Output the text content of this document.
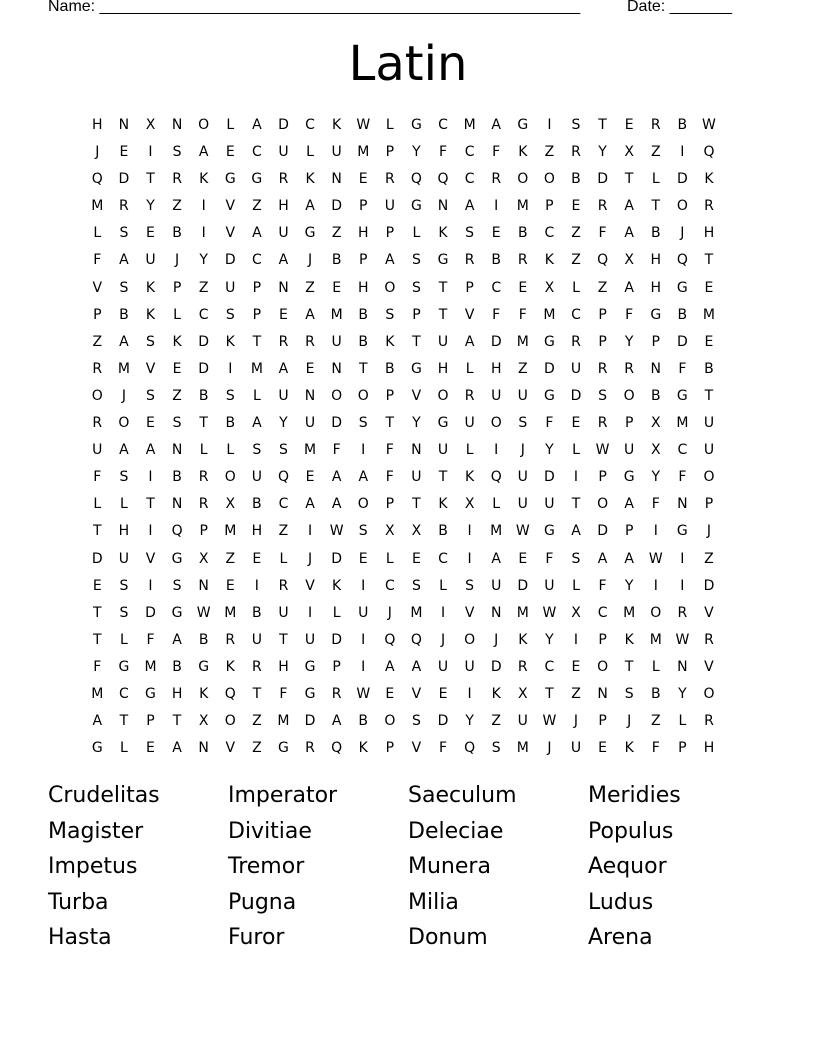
Name: ______________________________________________________	Date: _______
Latin
H	N	X	N	O	L	A	D	C	K	W	L	G	C	M	A	G	I	S	T	E	R	B	W
J	E	I	S	A	E	C	U	L	U	M	P	Y	F	C	F	K	Z	R	Y	X	Z	I	Q
Q	D	T	R	K	G	G	R	K	N	E	R	Q	Q	C	R	O	O	B	D	T	L	D	K
M	R	Y	Z	I	V	Z	H	A	D	P	U	G	N	A	I	M	P	E	R	A	T	O	R
L	S	E	B	I	V	A	U	G	Z	H	P	L	K	S	E	B	C	Z	F	A	B	J	H
F	A	U	J	Y	D	C	A	J	B	P	A	S	G	R	B	R	K	Z	Q	X	H	Q	T
V	S	K	P	Z	U	P	N	Z	E	H	O	S	T	P	C	E	X	L	Z	A	H	G	E
P	B	K	L	C	S	P	E	A	M	B	S	P	T	V	F	F	M	C	P	F	G	B	M
Z	A	S	K	D	K	T	R	R	U	B	K	T	U	A	D	M	G	R	P	Y	P	D	E
R	M	V	E	D	I	M	A	E	N	T	B	G	H	L	H	Z	D	U	R	R	N	F	B
O	J	S	Z	B	S	L	U	N	O	O	P	V	O	R	U	U	G	D	S	O	B	G	T
R	O	E	S	T	B	A	Y	U	D	S	T	Y	G	U	O	S	F	E	R	P	X	M	U
U	A	A	N	L	L	S	S	M	F	I	F	N	U	L	I	J	Y	L	W	U	X	C	U
F	S	I	B	R	O	U	Q	E	A	A	F	U	T	K	Q	U	D	I	P	G	Y	F	O
L	L	T	N	R	X	B	C	A	A	O	P	T	K	X	L	U	U	T	O	A	F	N	P
T	H	I	Q	P	M	H	Z	I	W	S	X	X	B	I	M W	G	A	D	P	I	G	J
D	U	V	G	X	Z	E	L	J	D	E	L	E	C	I	A	E	F	S	A	A	W	I	Z
E	S	I	S	N	E	I	R	V	K	I	C	S	L	S	U	D	U	L	F	Y	I	I	D
T	S	D	G	W M	B	U	I	L	U	J	M	I	V	N	M W	X	C	M	O	R	V
T	L	F	A	B	R	U	T	U	D	I	Q	Q	J	O	J	K	Y	I	P	K	M W	R
F	G	M	B	G	K	R	H	G	P	I	A	A	U	U	D	R	C	E	O	T	L	N	V
M	C	G	H	K	Q	T	F	G	R	W	E	V	E	I	K	X	T	Z	N	S	B	Y	O
A	T	P	T	X	O	Z	M	D	A	B	O	S	D	Y	Z	U	W	J	P	J	Z	L	R
G	L	E	A	N	V	Z	G	R	Q	K	P	V	F	Q	S	M	J	U	E	K	F	P	H
Crudelitas	Imperator	Saeculum	Meridies
Magister	Divitiae	Deleciae	Populus
Impetus	Tremor	Munera	Aequor
Turba	Pugna	Milia	Ludus
Hasta	Furor	Donum	Arena
